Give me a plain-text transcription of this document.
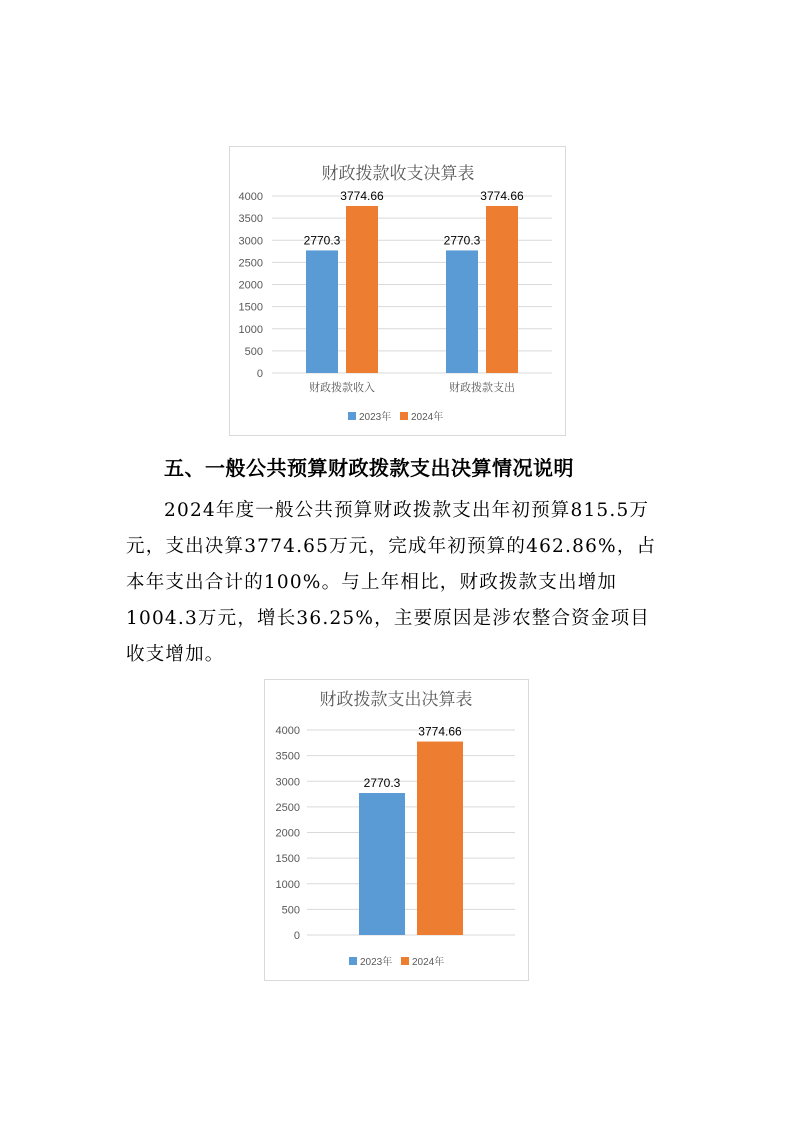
财政拨款收支决算表
0
500
1000
1500
2000
2500
3000
3500
4000
2770.3
3774.66
财政拨款收入
2770.3
3774.66
财政拨款支出
2023年 2024年
五、一般公共预算财政拨款支出决算情况说明
2024年度一般公共预算财政拨款支出年初预算815.5万
元，支出决算3774.65万元，完成年初预算的462.86%，占
本年支出合计的100%。与上年相比，财政拨款支出增加
1004.3万元，增长36.25%，主要原因是涉农整合资金项目
收支增加。
财政拨款支出决算表
0
500
1000
1500
2000
2500
3000
3500
4000
2770.3
3774.66
2023年 2024年
